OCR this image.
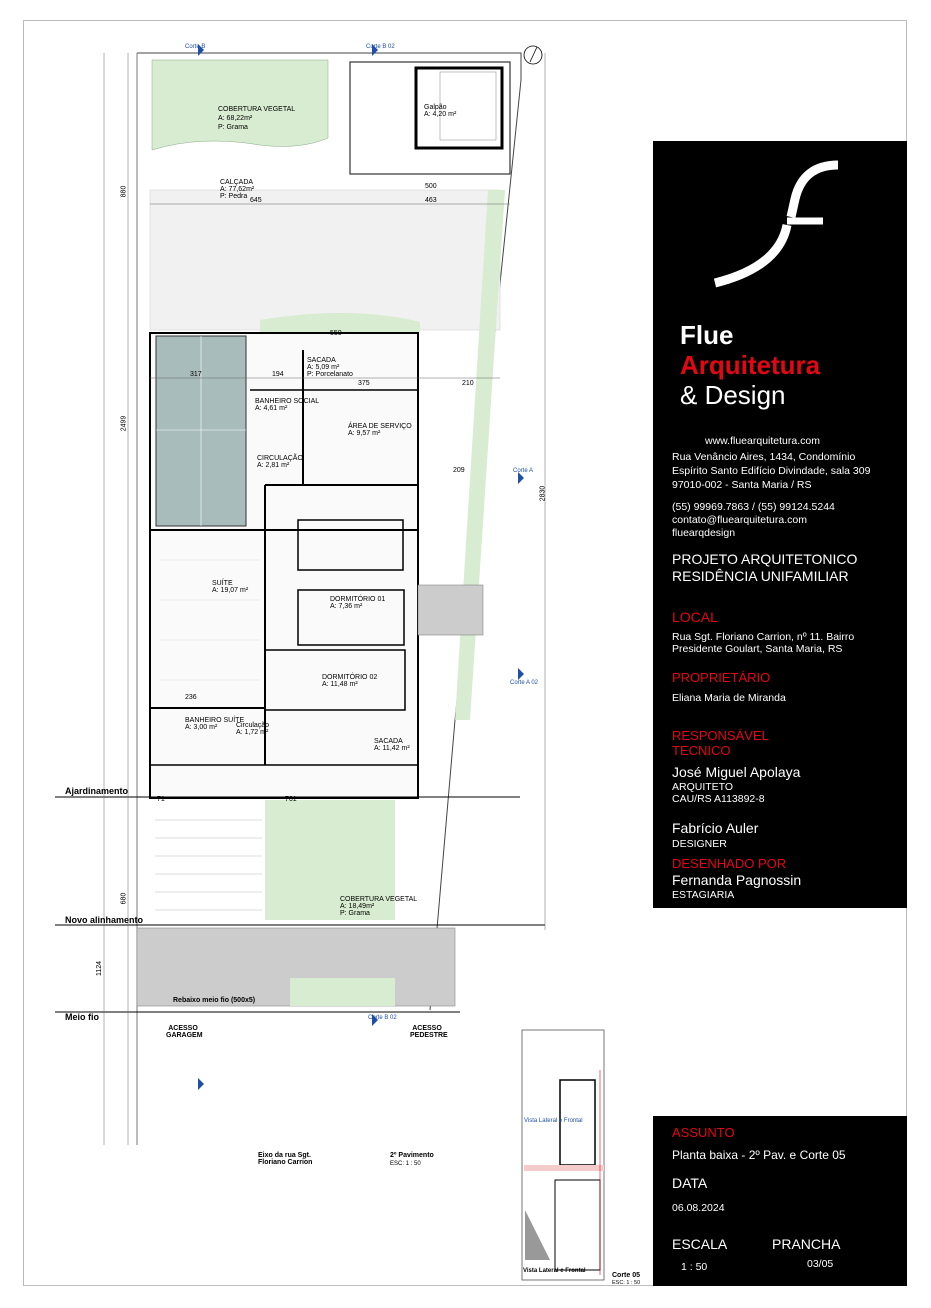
COBERTURA VEGETAL
A: 68,22m²
P: Grama
CALÇADA
A: 77,62m²
P: Pedra
Galpão
A: 4,20 m²
SACADA
A: 5,09 m²
P: Porcelanato
BANHEIRO SOCIAL
A: 4,61 m²
ÁREA DE SERVIÇO
A: 9,57 m²
CIRCULAÇÃO
A: 2,81 m²
SUÍTE
A: 19,07 m²
DORMITÓRIO 01
A: 7,36 m²
DORMITÓRIO 02
A: 11,48 m²
BANHEIRO SUÍTE
A: 3,00 m²	Circulação
A: 1,72 m²
SACADA
A: 11,42 m²
COBERTURA VEGETAL
A: 18,49m²
P: Grama
Ajardinamento
Novo alinhamento
Meio fio
Corte B	Corte B 02
Corte A
Corte A 02
Corte B 02
Rebaixo meio fio (500x5)
ACESSO GARAGEM
ACESSO PEDESTRE
Eixo da rua Sgt. Floriano Carrion
2º Pavimento
ESC: 1 : 50
Vista Lateral e Frontal
Vista Lateral e Frontal
Corte 05
ESC: 1 : 50
645	463
500
550
317	194
375	210
209
236
761
71
2499
2830
1124
880
680
Flue
Arquitetura
& Design
www.fluearquitetura.com
Rua Venâncio Aires, 1434, Condomínio
Espírito Santo Edifício Divindade, sala 309
97010-002 - Santa Maria / RS
(55) 99969.7863 / (55) 99124.5244
contato@fluearquitetura.com
fluearqdesign
PROJETO ARQUITETONICO
RESIDÊNCIA UNIFAMILIAR
LOCAL
Rua Sgt. Floriano Carrion, nº 11. Bairro
Presidente Goulart, Santa Maria, RS
PROPRIETÁRIO
Eliana Maria de Miranda
RESPONSÁVEL
TECNICO
José Miguel Apolaya
ARQUITETO
CAU/RS A113892-8
Fabrício Auler
DESIGNER
DESENHADO POR
Fernanda Pagnossin
ESTAGIARIA
ASSUNTO
Planta baixa - 2º Pav. e Corte 05
DATA
06.08.2024
ESCALA
1 : 50
PRANCHA
03/05
